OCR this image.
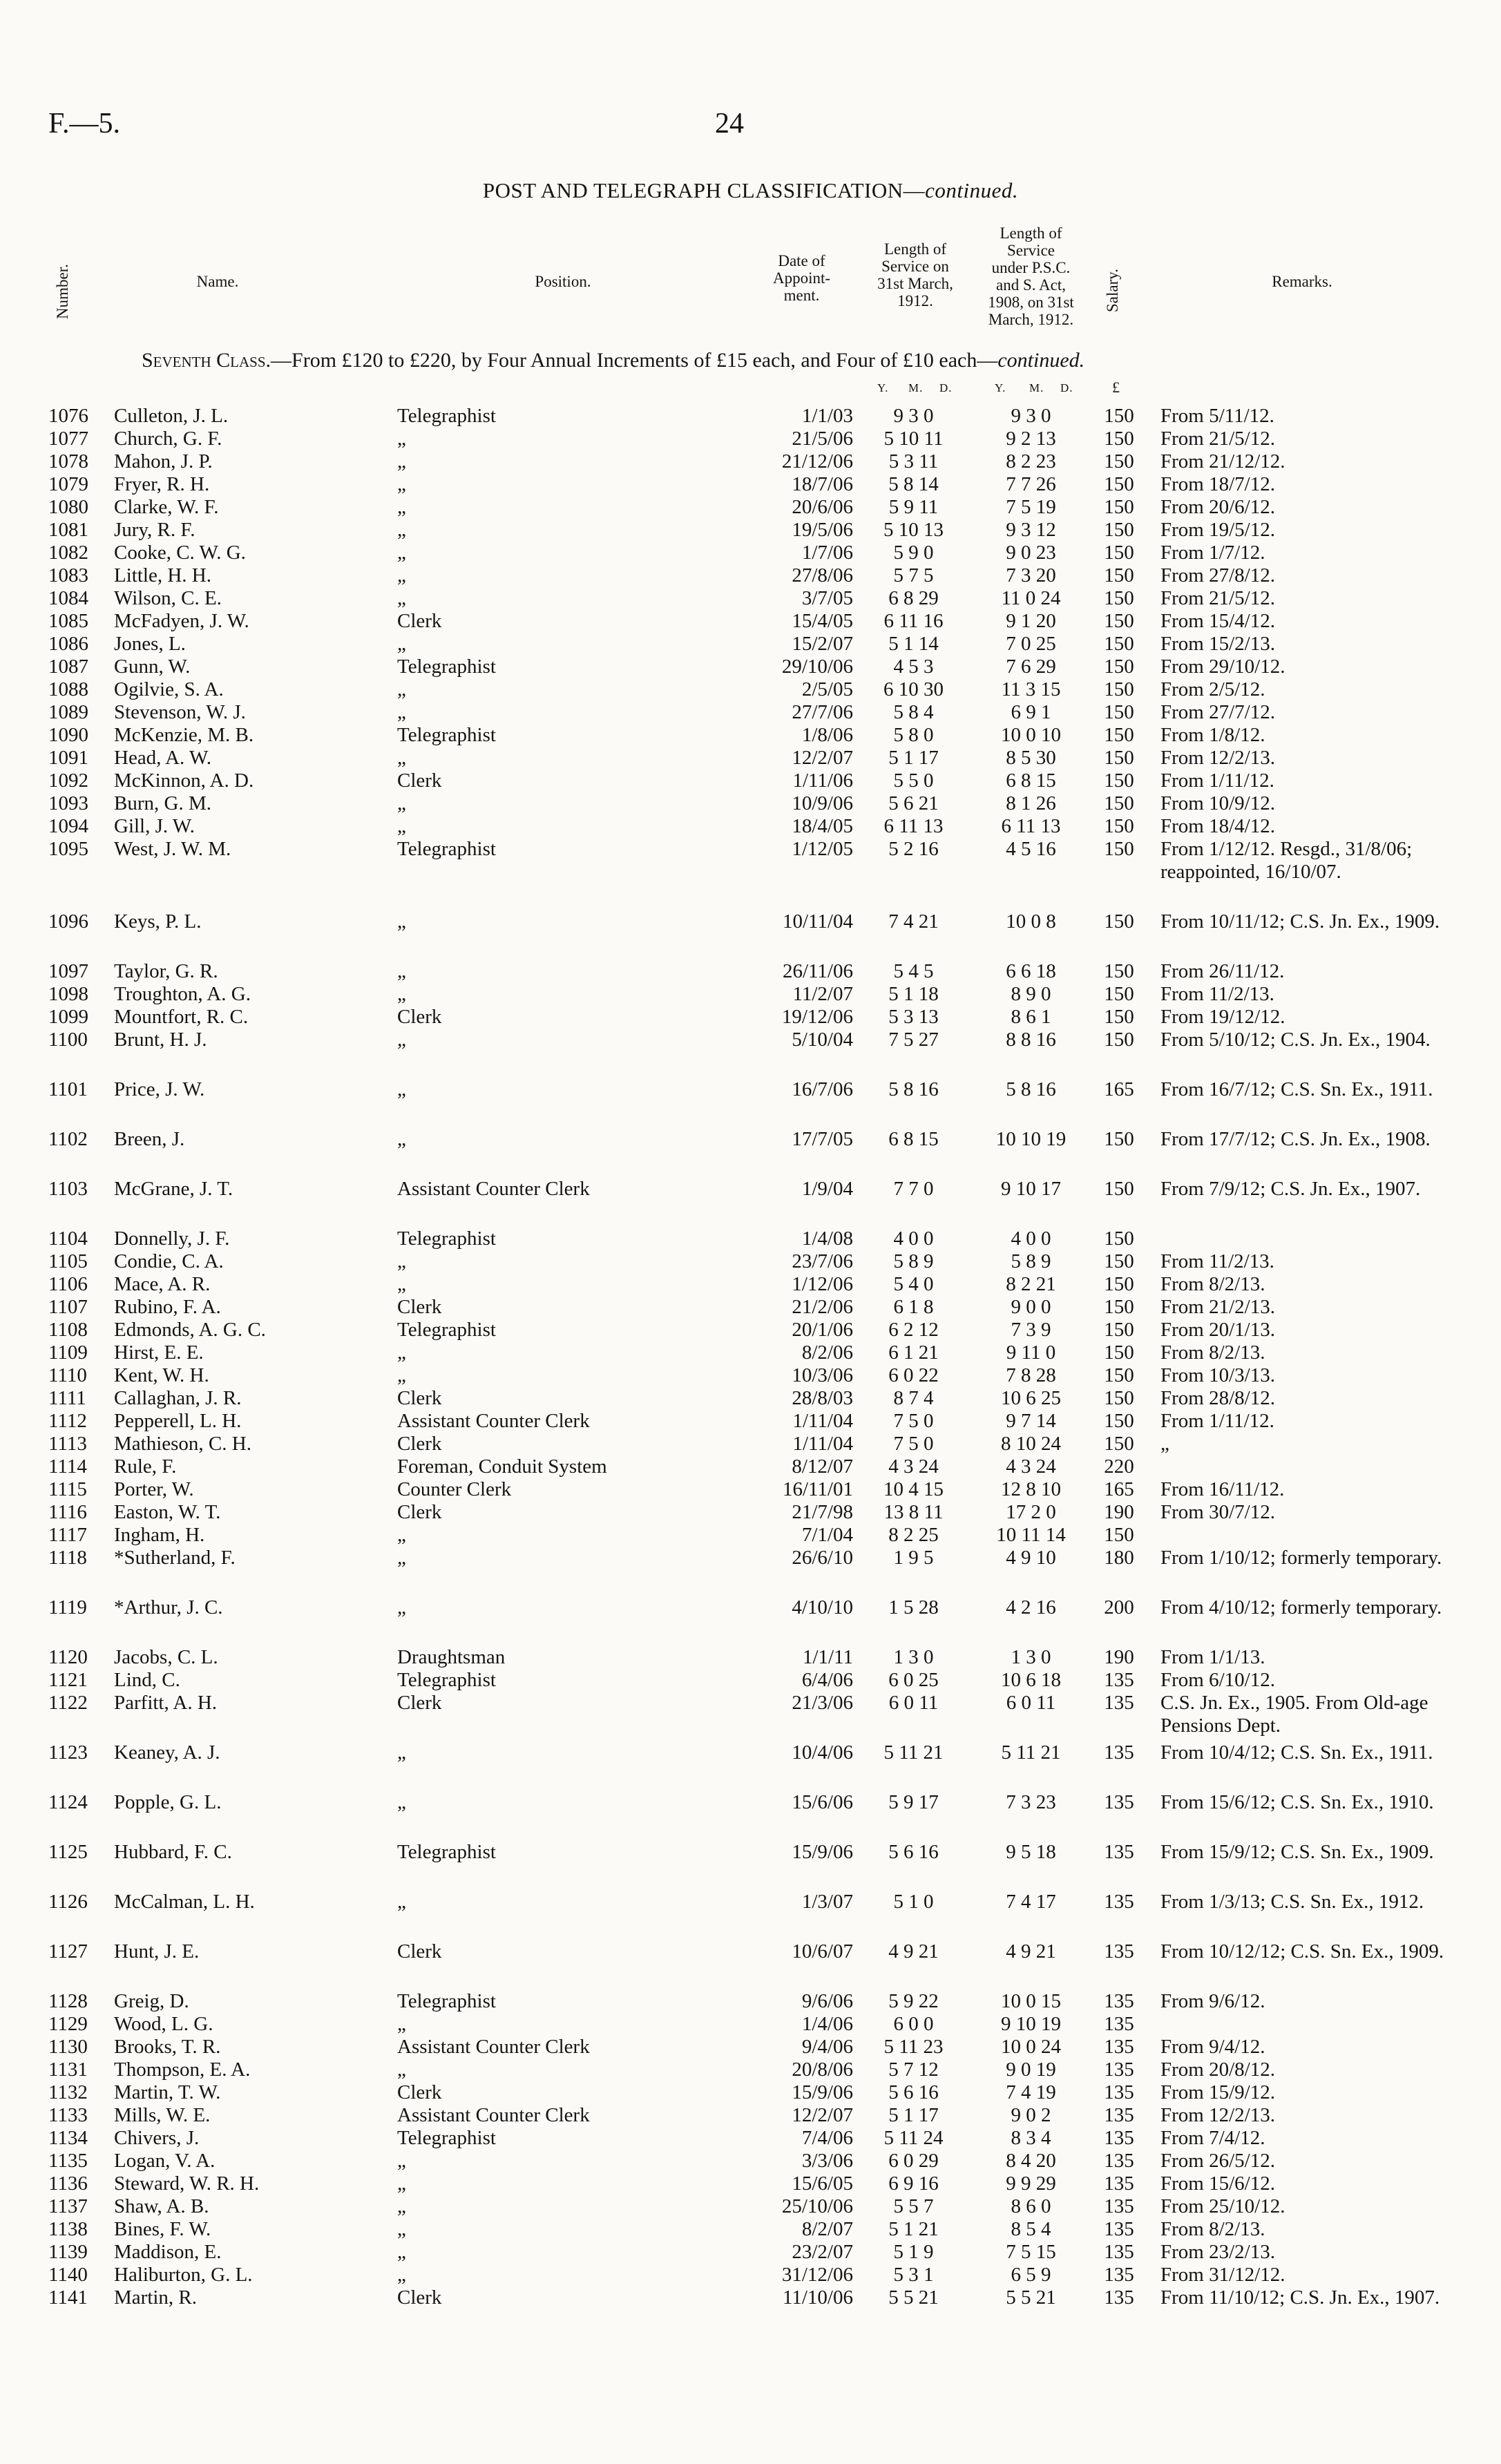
F.—5.	24
POST AND TELEGRAPH CLASSIFICATION—continued.
Number.	Name.	Position.
Date of
Appoint-
ment.
Length of
Service on
31st March,
1912.
Length of
Service
under P.S.C.
and S. Act,
1908, on 31st
March, 1912.
Salary.	Remarks.
Seventh Class.—From £120 to £220, by Four Annual Increments of £15 each, and Four of £10 each—continued.
Y. M. D.	Y. M. D.	£
1076	Culleton, J. L.	Telegraphist	1/1/03	9 3 0	9 3 0	150	From 5/11/12.
1077	Church, G. F.	„	21/5/06	5 10 11	9 2 13	150	From 21/5/12.
1078	Mahon, J. P.	„	21/12/06	5 3 11	8 2 23	150	From 21/12/12.
1079	Fryer, R. H.	„	18/7/06	5 8 14	7 7 26	150	From 18/7/12.
1080	Clarke, W. F.	„	20/6/06	5 9 11	7 5 19	150	From 20/6/12.
1081	Jury, R. F.	„	19/5/06	5 10 13	9 3 12	150	From 19/5/12.
1082	Cooke, C. W. G.	„	1/7/06	5 9 0	9 0 23	150	From 1/7/12.
1083	Little, H. H.	„	27/8/06	5 7 5	7 3 20	150	From 27/8/12.
1084	Wilson, C. E.	„	3/7/05	6 8 29	11 0 24	150	From 21/5/12.
1085	McFadyen, J. W.	Clerk	15/4/05	6 11 16	9 1 20	150	From 15/4/12.
1086	Jones, L.	„	15/2/07	5 1 14	7 0 25	150	From 15/2/13.
1087	Gunn, W.	Telegraphist	29/10/06	4 5 3	7 6 29	150	From 29/10/12.
1088	Ogilvie, S. A.	„	2/5/05	6 10 30	11 3 15	150	From 2/5/12.
1089	Stevenson, W. J.	„	27/7/06	5 8 4	6 9 1	150	From 27/7/12.
1090	McKenzie, M. B.	Telegraphist	1/8/06	5 8 0	10 0 10	150	From 1/8/12.
1091	Head, A. W.	„	12/2/07	5 1 17	8 5 30	150	From 12/2/13.
1092	McKinnon, A. D.	Clerk	1/11/06	5 5 0	6 8 15	150	From 1/11/12.
1093	Burn, G. M.	„	10/9/06	5 6 21	8 1 26	150	From 10/9/12.
1094	Gill, J. W.	„	18/4/05	6 11 13	6 11 13	150	From 18/4/12.
1095	West, J. W. M.	Telegraphist	1/12/05	5 2 16	4 5 16	150	From 1/12/12. Resgd., 31/8/06; reappointed, 16/10/07.
1096	Keys, P. L.	„	10/11/04	7 4 21	10 0 8	150	From 10/11/12; C.S. Jn. Ex., 1909.
1097	Taylor, G. R.	„	26/11/06	5 4 5	6 6 18	150	From 26/11/12.
1098	Troughton, A. G.	„	11/2/07	5 1 18	8 9 0	150	From 11/2/13.
1099	Mountfort, R. C.	Clerk	19/12/06	5 3 13	8 6 1	150	From 19/12/12.
1100	Brunt, H. J.	„	5/10/04	7 5 27	8 8 16	150	From 5/10/12; C.S. Jn. Ex., 1904.
1101	Price, J. W.	„	16/7/06	5 8 16	5 8 16	165	From 16/7/12; C.S. Sn. Ex., 1911.
1102	Breen, J.	„	17/7/05	6 8 15	10 10 19	150	From 17/7/12; C.S. Jn. Ex., 1908.
1103	McGrane, J. T.	Assistant Counter Clerk	1/9/04	7 7 0	9 10 17	150	From 7/9/12; C.S. Jn. Ex., 1907.
1104	Donnelly, J. F.	Telegraphist	1/4/08	4 0 0	4 0 0	150
1105	Condie, C. A.	„	23/7/06	5 8 9	5 8 9	150	From 11/2/13.
1106	Mace, A. R.	„	1/12/06	5 4 0	8 2 21	150	From 8/2/13.
1107	Rubino, F. A.	Clerk	21/2/06	6 1 8	9 0 0	150	From 21/2/13.
1108	Edmonds, A. G. C.	Telegraphist	20/1/06	6 2 12	7 3 9	150	From 20/1/13.
1109	Hirst, E. E.	„	8/2/06	6 1 21	9 11 0	150	From 8/2/13.
1110	Kent, W. H.	„	10/3/06	6 0 22	7 8 28	150	From 10/3/13.
1111	Callaghan, J. R.	Clerk	28/8/03	8 7 4	10 6 25	150	From 28/8/12.
1112	Pepperell, L. H.	Assistant Counter Clerk	1/11/04	7 5 0	9 7 14	150	From 1/11/12.
1113	Mathieson, C. H.	Clerk	1/11/04	7 5 0	8 10 24	150	„
1114	Rule, F.	Foreman, Conduit System	8/12/07	4 3 24	4 3 24	220
1115	Porter, W.	Counter Clerk	16/11/01	10 4 15	12 8 10	165	From 16/11/12.
1116	Easton, W. T.	Clerk	21/7/98	13 8 11	17 2 0	190	From 30/7/12.
1117	Ingham, H.	„	7/1/04	8 2 25	10 11 14	150
1118	*Sutherland, F.	„	26/6/10	1 9 5	4 9 10	180	From 1/10/12; formerly temporary.
1119	*Arthur, J. C.	„	4/10/10	1 5 28	4 2 16	200	From 4/10/12; formerly temporary.
1120	Jacobs, C. L.	Draughtsman	1/1/11	1 3 0	1 3 0	190	From 1/1/13.
1121	Lind, C.	Telegraphist	6/4/06	6 0 25	10 6 18	135	From 6/10/12.
1122	Parfitt, A. H.	Clerk	21/3/06	6 0 11	6 0 11	135	C.S. Jn. Ex., 1905. From Old-age Pensions Dept.
1123	Keaney, A. J.	„	10/4/06	5 11 21	5 11 21	135	From 10/4/12; C.S. Sn. Ex., 1911.
1124	Popple, G. L.	„	15/6/06	5 9 17	7 3 23	135	From 15/6/12; C.S. Sn. Ex., 1910.
1125	Hubbard, F. C.	Telegraphist	15/9/06	5 6 16	9 5 18	135	From 15/9/12; C.S. Sn. Ex., 1909.
1126	McCalman, L. H.	„	1/3/07	5 1 0	7 4 17	135	From 1/3/13; C.S. Sn. Ex., 1912.
1127	Hunt, J. E.	Clerk	10/6/07	4 9 21	4 9 21	135	From 10/12/12; C.S. Sn. Ex., 1909.
1128	Greig, D.	Telegraphist	9/6/06	5 9 22	10 0 15	135	From 9/6/12.
1129	Wood, L. G.	„	1/4/06	6 0 0	9 10 19	135
1130	Brooks, T. R.	Assistant Counter Clerk	9/4/06	5 11 23	10 0 24	135	From 9/4/12.
1131	Thompson, E. A.	„	20/8/06	5 7 12	9 0 19	135	From 20/8/12.
1132	Martin, T. W.	Clerk	15/9/06	5 6 16	7 4 19	135	From 15/9/12.
1133	Mills, W. E.	Assistant Counter Clerk	12/2/07	5 1 17	9 0 2	135	From 12/2/13.
1134	Chivers, J.	Telegraphist	7/4/06	5 11 24	8 3 4	135	From 7/4/12.
1135	Logan, V. A.	„	3/3/06	6 0 29	8 4 20	135	From 26/5/12.
1136	Steward, W. R. H.	„	15/6/05	6 9 16	9 9 29	135	From 15/6/12.
1137	Shaw, A. B.	„	25/10/06	5 5 7	8 6 0	135	From 25/10/12.
1138	Bines, F. W.	„	8/2/07	5 1 21	8 5 4	135	From 8/2/13.
1139	Maddison, E.	„	23/2/07	5 1 9	7 5 15	135	From 23/2/13.
1140	Haliburton, G. L.	„	31/12/06	5 3 1	6 5 9	135	From 31/12/12.
1141	Martin, R.	Clerk	11/10/06	5 5 21	5 5 21	135	From 11/10/12; C.S. Jn. Ex., 1907.
